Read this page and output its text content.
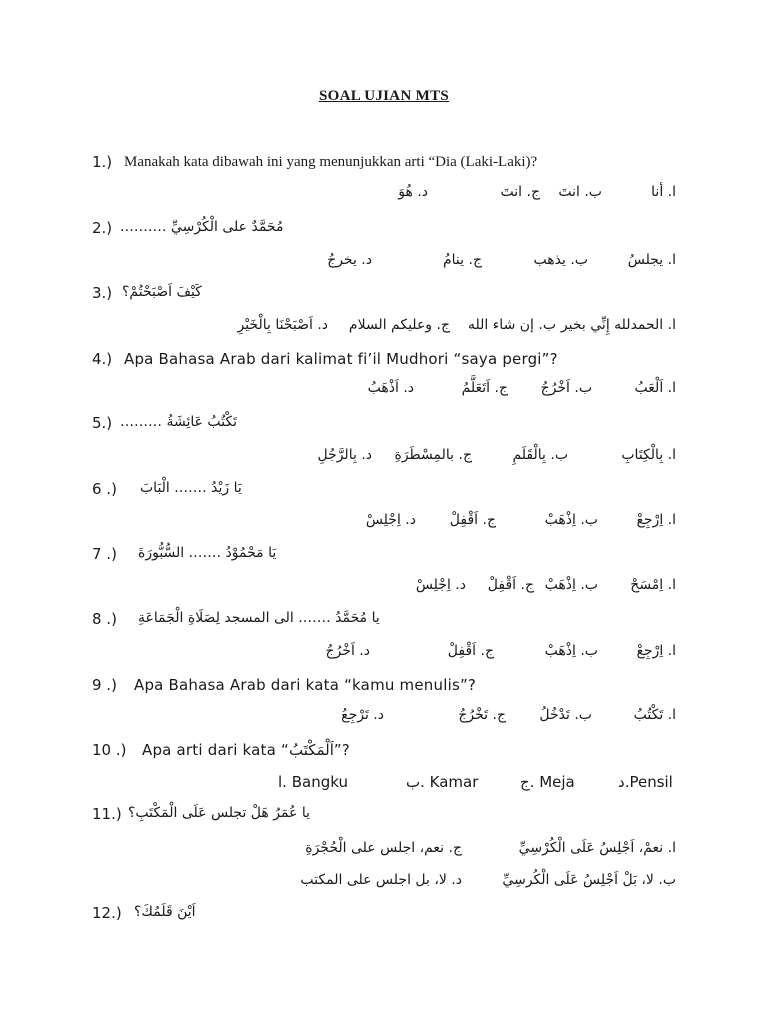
SOAL UJIAN MTS
1.) Manakah kata dibawah ini yang menunjukkan arti “Dia (Laki-Laki)?
ا. أنا
ب. انتَ
ج. انتَ
د. هُوَ
2.) مُحَمَّدٌ على الْكُرْسِيِّ ……….
ا. يجلسُ
ب. يذهب
ج. ينامُ
د. يخرجُ
3.) كَيْفَ اَصْبَحْتُمْ؟
ا. الحمدلله إِنِّي بخير
ب. إن شاء الله
ج. وعليكم السلام
د. اَصْبَحْنَا بِالْخَيْرِ
4.) Apa Bahasa Arab dari kalimat fi’il Mudhori “saya pergi”?
ا. اَلْعَبُ
ب. اَخْرُجُ
ج. اَتَعَلَّمُ
د. اَذْهَبُ
5.) تَكْتُبُ عَائِشَةُ ………
ا. بِالْكِتَابِ
ب. بِالْقَلَمِ
ج. بالمِسْطَرَةِ
د. بِالرَّجُلِ
6 .) يَا زَيْدُ ……. الْبَابَ
ا. اِرْجِعْ
ب. اِذْهَبْ
ج. اَقْفِلْ
د. اِجْلِسْ
7 .) يَا مَحْمُوْدُ ……. السُّبُّورَةَ
ا. اِمْسَحْ
ب. اِذْهَبْ
ج. اَقْفِلْ
د. اِجْلِسْ
8 .) يا مُحَمَّدُ ……. الى المسجد لِصَلَاةِ الْجَمَاعَةِ
ا. اِرْجِعْ
ب. اِذْهَبْ
ج. اَقْفِلْ
د. اَخْرُجُ
9 .) Apa Bahasa Arab dari kata “kamu menulis”?
ا. تَكْتُبُ
ب. تَدْخُلُ
ج. تَخْرُجُ
د. تَرْجِعُ
10 .) Apa arti dari kata “اَلْمَكْتَبُ”?
ا. Bangku	ب. Kamar	ج. Meja	د.Pensil
11.) يا عُمَرُ هَلْ تجلس عَلَى الْمَكْتَبِ؟
ا. نعمْ، اَجْلِسُ عَلَى الْكُرْسِيِّ
ج. نعم، اجلس على الْحُجْرَةِ
ب. لا، بَلْ اَجْلِسُ عَلَى الْكُرسِيِّ
د. لا، بل اجلس على المكتب
12.) اَيْنَ قَلَمُكَ؟
